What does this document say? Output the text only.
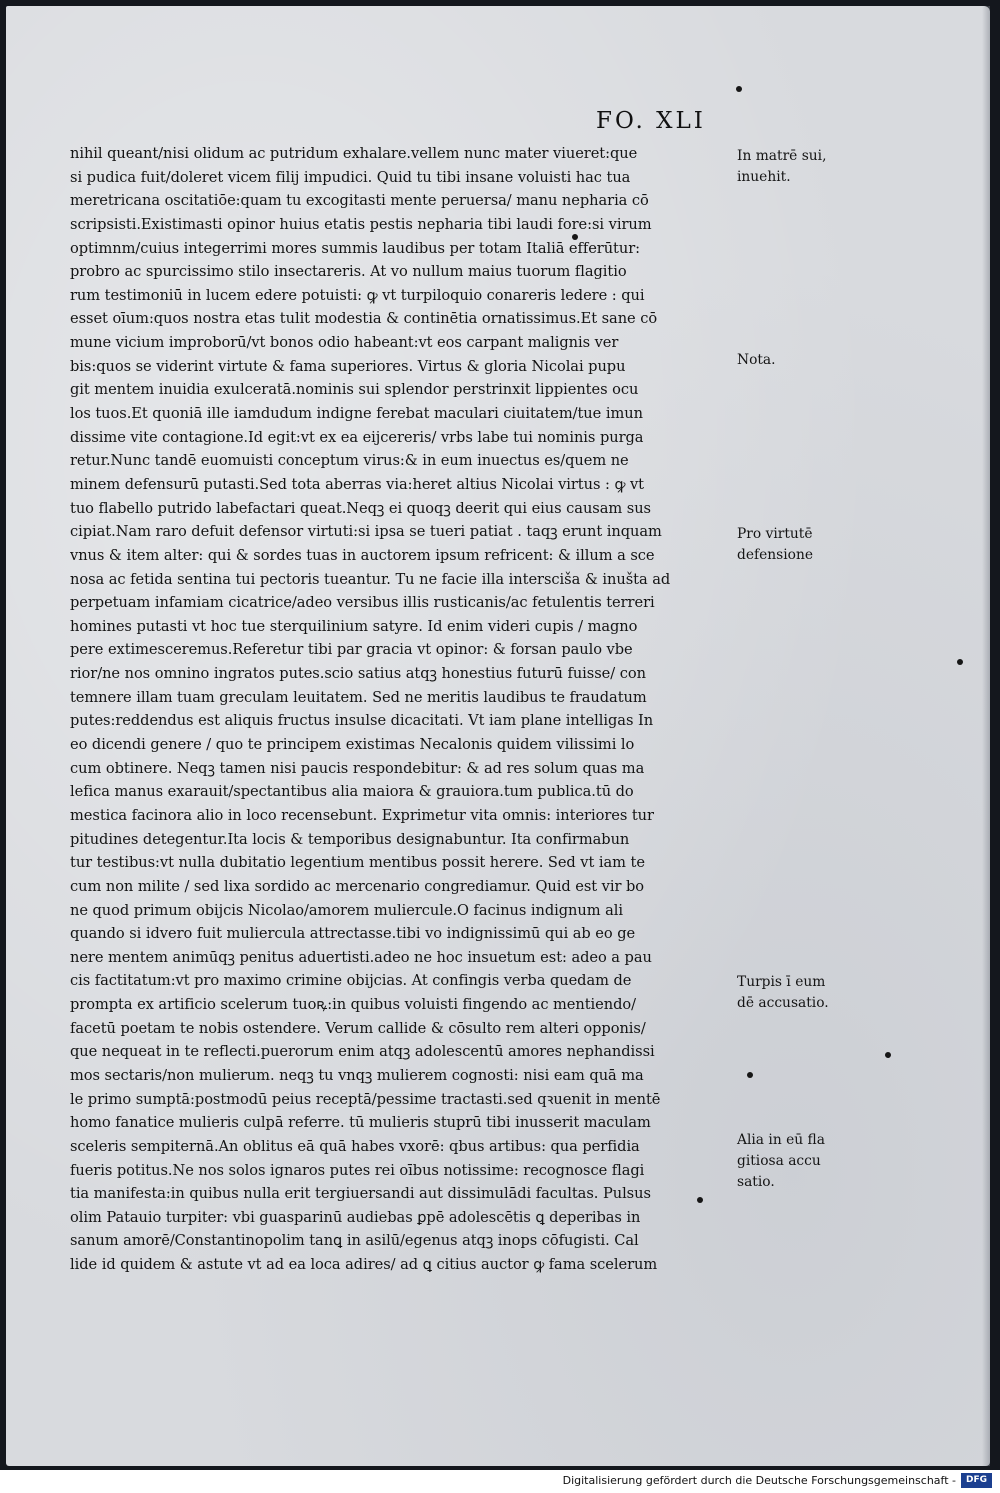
FO. XLI
nihil queant/nisi olidum ac putridum exhalare.vellem nunc mater viueret:que
si pudica fuit/doleret vicem filij impudici. Quid tu tibi insane voluisti hac tua
meretricana oscitatiōe:quam tu excogitasti mente peruersa/ manu nepharia cō
scripsisti.Existimasti opinor huius etatis pestis nepharia tibi laudi fore:si virum
optimnm/cuius integerrimi mores summis laudibus per totam Italiā efferūtur:
probro ac spurcissimo stilo insectareris. At vo nullum maius tuorum flagitio
rum testimoniū in lucem edere potuisti: ꝙ vt turpiloquio conareris ledere : qui
esset oīum:quos nostra etas tulit modestia & continētia ornatissimus.Et sane cō
mune vicium improborū/vt bonos odio habeant:vt eos carpant malignis ver
bis:quos se viderint virtute & fama superiores. Virtus & gloria Nicolai pupu
git mentem inuidia exulceratā.nominis sui splendor perstrinxit lippientes ocu
los tuos.Et quoniā ille iamdudum indigne ferebat maculari ciuitatem/tue imun
dissime vite contagione.Id egit:vt ex ea eijcereris/ vrbs labe tui nominis purga
retur.Nunc tandē euomuisti conceptum virus:& in eum inuectus es/quem ne
minem defensurū putasti.Sed tota aberras via:heret altius Nicolai virtus : ꝙ vt
tuo flabello putrido labefactari queat.Neqꝫ ei quoqꝫ deerit qui eius causam sus
cipiat.Nam raro defuit defensor virtuti:si ipsa se tueri patiat . taqꝫ erunt inquam
vnus & item alter: qui & sordes tuas in auctorem ipsum refricent: & illum a sce
nosa ac fetida sentina tui pectoris tueantur. Tu ne facie illa intersciša & inušta ad
perpetuam infamiam cicatrice/adeo versibus illis rusticanis/ac fetulentis terreri
homines putasti vt hoc tue sterquilinium satyre. Id enim videri cupis / magno
pere extimesceremus.Referetur tibi par gracia vt opinor: & forsan paulo vbe
rior/ne nos omnino ingratos putes.scio satius atqꝫ honestius futurū fuisse/ con
temnere illam tuam greculam leuitatem. Sed ne meritis laudibus te fraudatum
putes:reddendus est aliquis fructus insulse dicacitati. Vt iam plane intelligas In
eo dicendi genere / quo te principem existimas Necalonis quidem vilissimi lo
cum obtinere. Neqꝫ tamen nisi paucis respondebitur: & ad res solum quas ma
lefica manus exarauit/spectantibus alia maiora & grauiora.tum publica.tū do
mestica facinora alio in loco recensebunt. Exprimetur vita omnis: interiores tur
pitudines detegentur.Ita locis & temporibus designabuntur. Ita confirmabun
tur testibus:vt nulla dubitatio legentium mentibus possit herere. Sed vt iam te
cum non milite / sed lixa sordido ac mercenario congrediamur. Quid est vir bo
ne quod primum obijcis Nicolao/amorem muliercule.O facinus indignum ali
quando si idvero fuit muliercula attrectasse.tibi vo indignissimū qui ab eo ge
nere mentem animūqꝫ penitus aduertisti.adeo ne hoc insuetum est: adeo a pau
cis factitatum:vt pro maximo crimine obijcias. At confingis verba quedam de
prompta ex artificio scelerum tuoꝶ:in quibus voluisti fingendo ac mentiendo/
facetū poetam te nobis ostendere. Verum callide & cōsulto rem alteri opponis/
que nequeat in te reflecti.puerorum enim atqꝫ adolescentū amores nephandissi
mos sectaris/non mulierum. neqꝫ tu vnqꝫ mulierem cognosti: nisi eam quā ma
le primo sumptā:postmodū peius receptā/pessime tractasti.sed qꝛuenit in mentē
homo fanatice mulieris culpā referre. tū mulieris stuprū tibi inusserit maculam
sceleris sempiternā.An oblitus eā quā habes vxorē: qbus artibus: qua perfidia
fueris potitus.Ne nos solos ignaros putes rei oībus notissime: recognosce flagi
tia manifesta:in quibus nulla erit tergiuersandi aut dissimulādi facultas. Pulsus
olim Patauio turpiter: vbi guasparinū audiebas ꝑpē adolescētis ꝗ deperibas in
sanum amorē/Constantinopolim tanꝗ in asilū/egenus atqꝫ inops cōfugisti. Cal
lide id quidem & astute vt ad ea loca adires/ ad ꝗ citius auctor ꝙ fama scelerum
In matrē sui,
inuehit.
Nota.
Pro virtutē
defensione
Turpis ī eum
dē accusatio.
Alia in eū fla
gitiosa accu
satio.
Digitalisierung gefördert durch die Deutsche Forschungsgemeinschaft -	DFG
